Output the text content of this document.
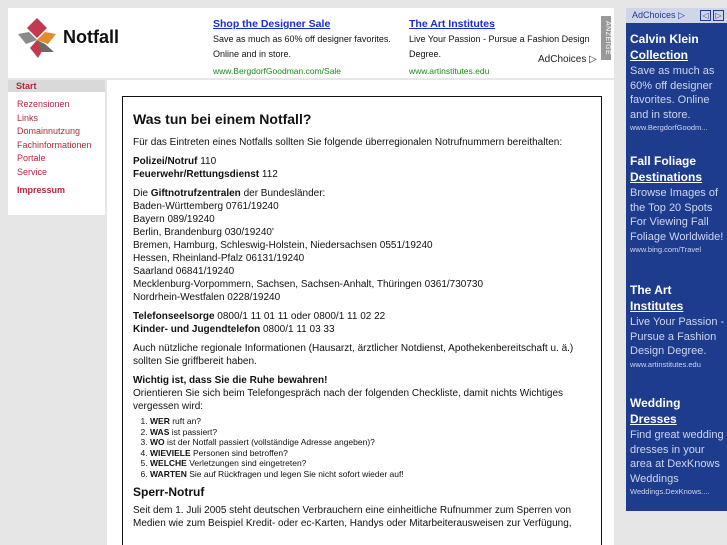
Notfall
Shop the Designer Sale
Save as much as 60% off designer favorites. Online and in store.
www.BergdorfGoodman.com/Sale
The Art Institutes
Live Your Passion - Pursue a Fashion Design Degree.
www.artinstitutes.edu
AdChoices ▷
ANZEIGE
Start
Rezensionen
Links
Domainnutzung
Fachinformationen
Portale
Service
Impressum
Was tun bei einem Notfall?

Für das Eintreten eines Notfalls sollten Sie folgende überregionalen Notrufnummern bereithalten:

Polizei/Notruf 110
Feuerwehr/Rettungsdienst 112

Die Giftnotrufzentralen der Bundesländer:
Baden-Württemberg 0761/19240
Bayern 089/19240
Berlin, Brandenburg 030/19240'
Bremen, Hamburg, Schleswig-Holstein, Niedersachsen 0551/19240
Hessen, Rheinland-Pfalz 06131/19240
Saarland 06841/19240
Mecklenburg-Vorpommern, Sachsen, Sachsen-Anhalt, Thüringen 0361/730730
Nordrhein-Westfalen 0228/19240

Telefonseelsorge 0800/1 11 01 11 oder 0800/1 11 02 22
Kinder- und Jugendtelefon 0800/1 11 03 33

Auch nützliche regionale Informationen (Hausarzt, ärztlicher Notdienst, Apothekenbereitschaft u. ä.) sollten Sie griffbereit haben.

Wichtig ist, dass Sie die Ruhe bewahren!
Orientieren Sie sich beim Telefongespräch nach der folgenden Checkliste, damit nichts Wichtiges vergessen wird:

1. WER ruft an?
2. WAS ist passiert?
3. WO ist der Notfall passiert (vollständige Adresse angeben)?
4. WIEVIELE Personen sind betroffen?
5. WELCHE Verletzungen sind eingetreten?
6. WARTEN Sie auf Rückfragen und legen Sie nicht sofort wieder auf!
Sperr-Notruf

Seit dem 1. Juli 2005 steht deutschen Verbrauchern eine einheitliche Rufnummer zum Sperren von Medien wie zum Beispiel Kredit- oder ec-Karten, Handys oder Mitarbeiterausweisen zur Verfügung,

AdChoices ▷	◁ ▷
Calvin Klein
Collection
Save as much as 60% off designer favorites. Online and in store.
www.BergdorfGoodm...
Fall Foliage
Destinations
Browse Images of the Top 20 Spots For Viewing Fall Foliage Worldwide!
www.bing.com/Travel
The Art
Institutes
Live Your Passion - Pursue a Fashion Design Degree.
www.artinstitutes.edu
Wedding
Dresses
Find great wedding dresses in your area at DexKnows Weddings
Weddings.DexKnows....
